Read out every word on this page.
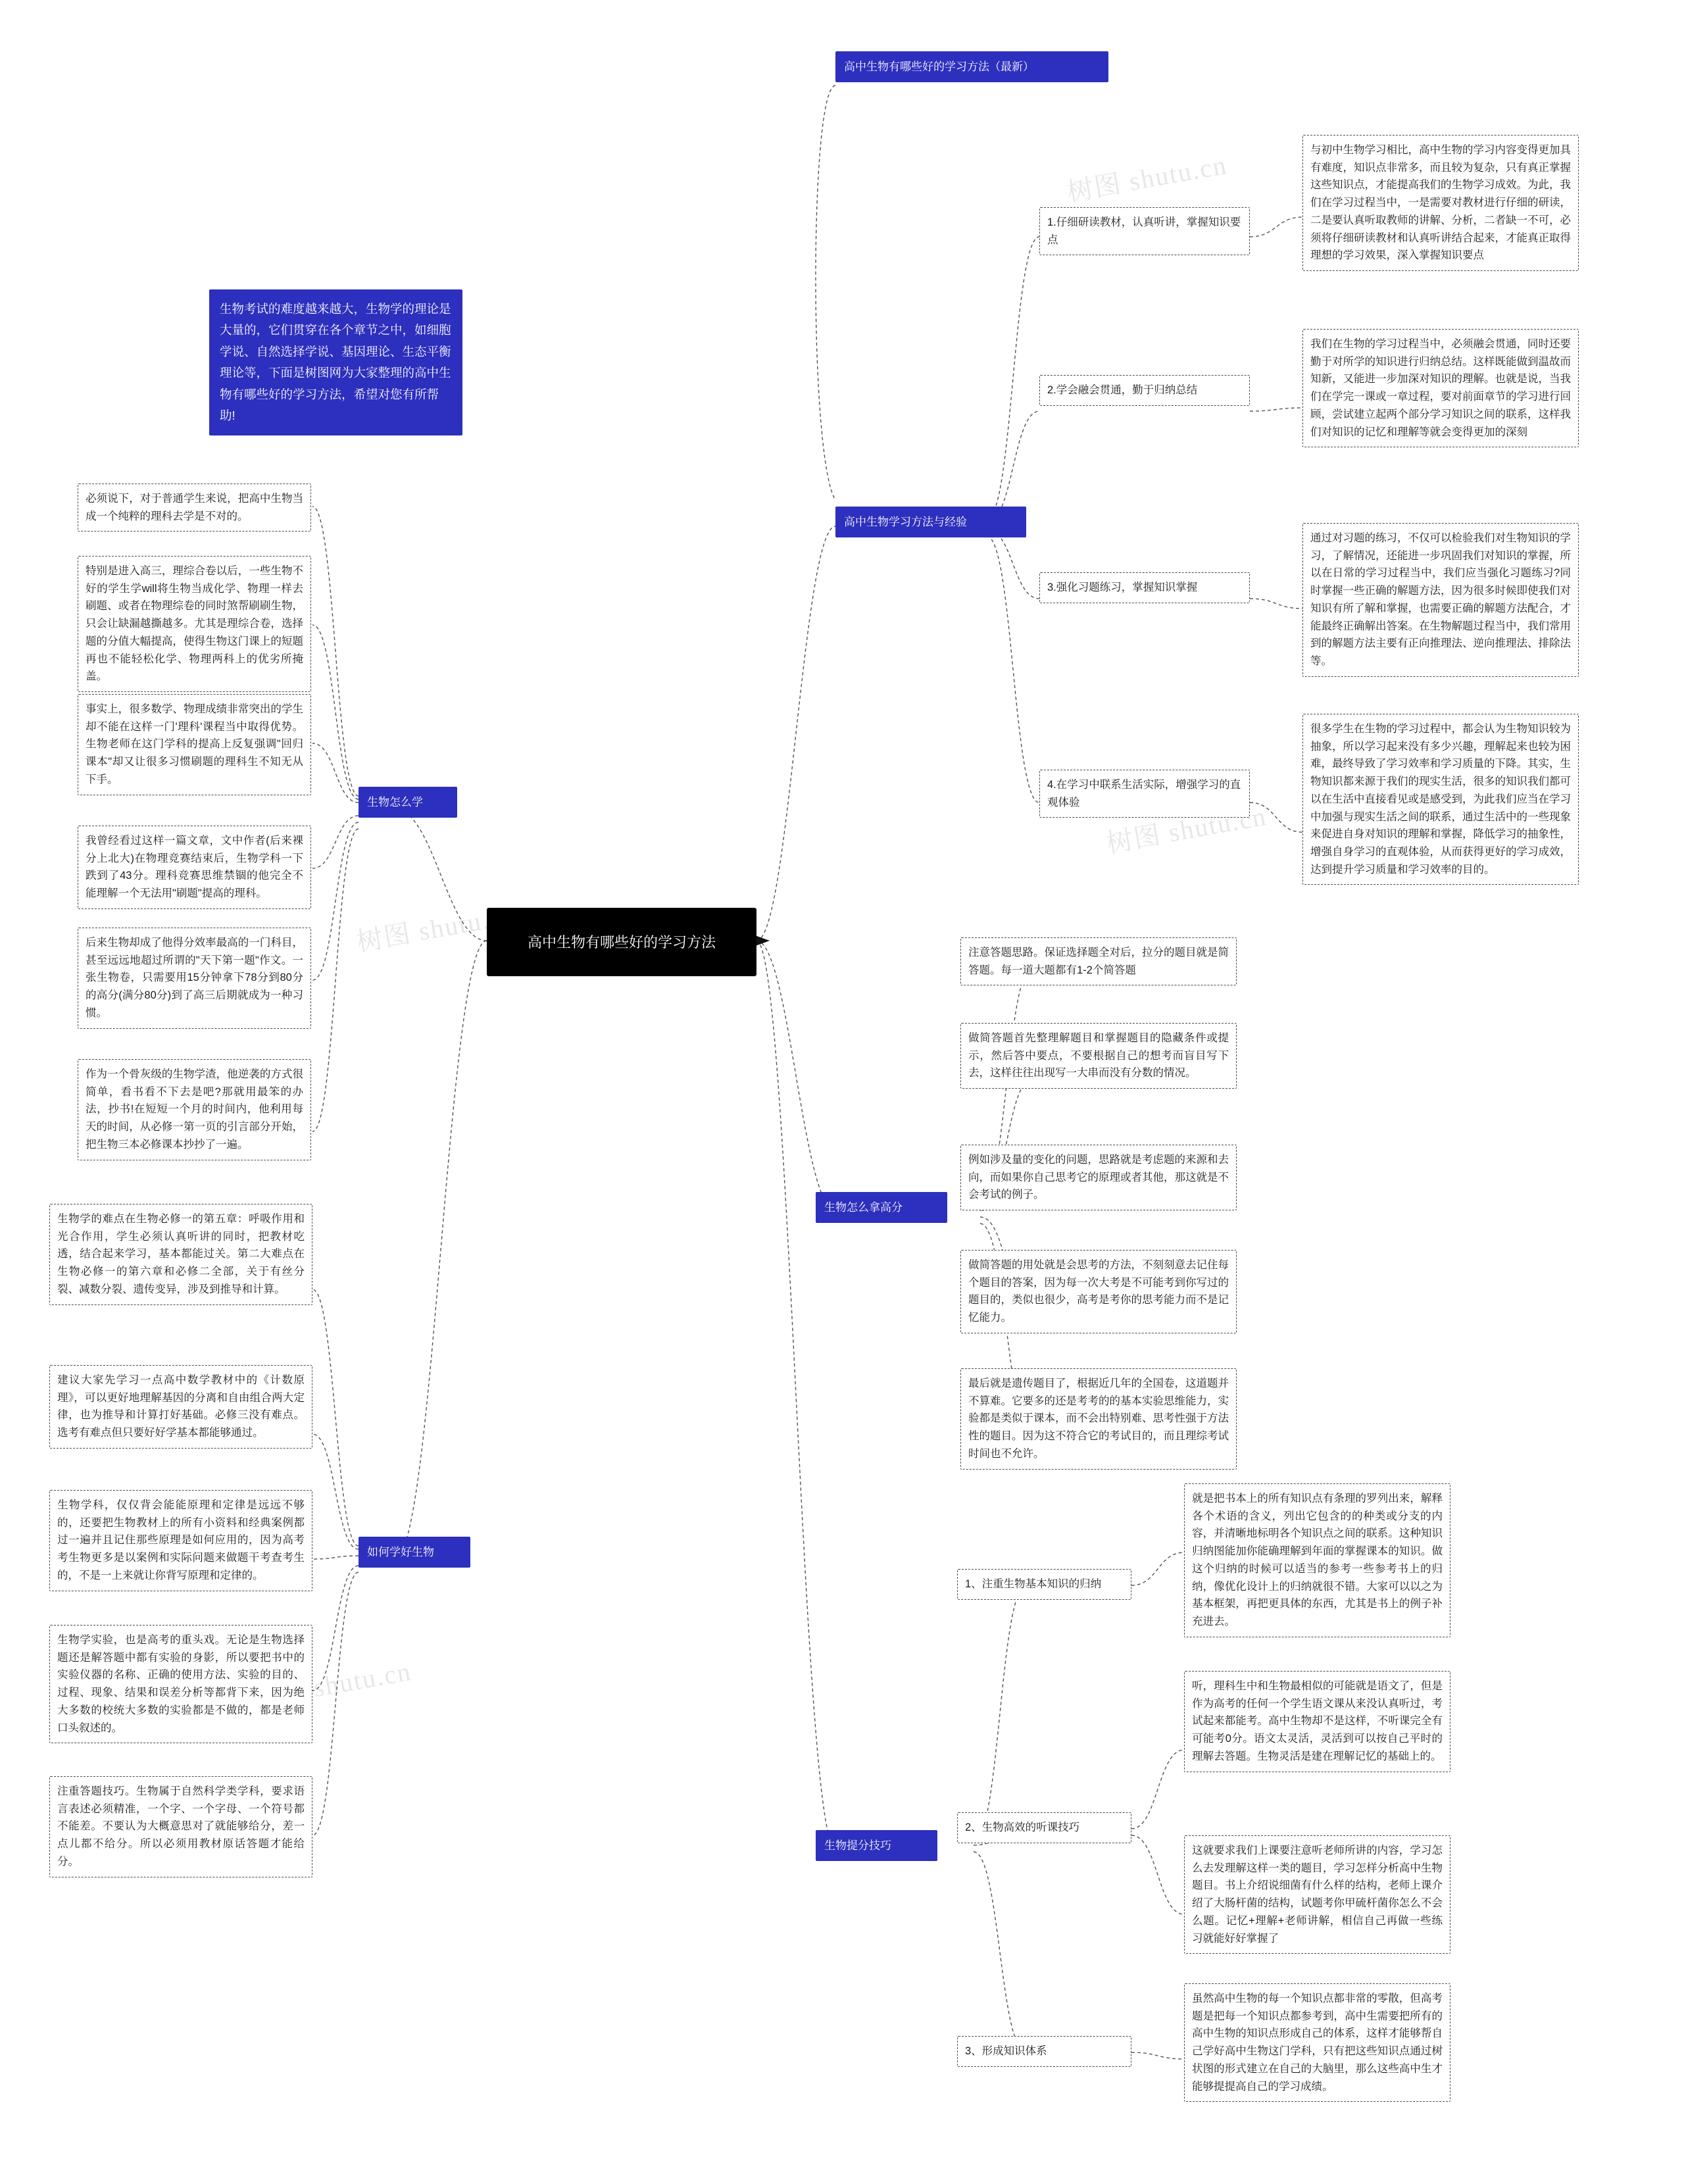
树图 shutu.cn
树图 shutu.cn
树图 shutu.cn
树图 shutu.cn
高中生物有哪些好的学习方法（最新）
生物考试的难度越来越大，生物学的理论是大量的，它们贯穿在各个章节之中，如细胞学说、自然选择学说、基因理论、生态平衡理论等，下面是树图网为大家整理的高中生物有哪些好的学习方法，希望对您有所帮助!
高中生物有哪些好的学习方法
生物怎么学
必须说下，对于普通学生来说，把高中生物当成一个纯粹的理科去学是不对的。
特别是进入高三，理综合卷以后，一些生物不好的学生学will将生物当成化学、物理一样去刷题、或者在物理综卷的同时煞帮刷刷生物，只会让缺漏越撕越多。尤其是理综合卷，选择题的分值大幅提高，使得生物这门课上的短题再也不能轻松化学、物理两科上的优劣所掩盖。
事实上，很多数学、物理成绩非常突出的学生却不能在这样一门'理科'课程当中取得优势。生物老师在这门学科的提高上反复强调"回归课本"却又让很多习惯刷题的理科生不知无从下手。
我曾经看过这样一篇文章，文中作者(后来裸分上北大)在物理竞赛结束后，生物学科一下跌到了43分。理科竞赛思维禁锢的他完全不能理解一个无法用"刷题"提高的理科。
后来生物却成了他得分效率最高的一门科目，甚至远远地超过所谓的"天下第一题"作文。一张生物卷，只需要用15分钟拿下78分到80分的高分(满分80分)到了高三后期就成为一种习惯。
作为一个骨灰级的生物学渣，他逆袭的方式很简单，看书看不下去是吧?那就用最笨的办法，抄书!在短短一个月的时间内，他利用每天的时间，从必修一第一页的引言部分开始，把生物三本必修课本抄抄了一遍。
如何学好生物
生物学的难点在生物必修一的第五章：呼吸作用和光合作用，学生必须认真听讲的同时，把教材吃透，结合起来学习，基本都能过关。第二大难点在生物必修一的第六章和必修二全部，关于有丝分裂、减数分裂、遗传变异，涉及到推导和计算。
建议大家先学习一点高中数学教材中的《计数原理》，可以更好地理解基因的分离和自由组合两大定律，也为推导和计算打好基础。必修三没有难点。选考有难点但只要好好学基本都能够通过。
生物学科，仅仅背会能能原理和定律是远远不够的，还要把生物教材上的所有小资料和经典案例都过一遍并且记住那些原理是如何应用的，因为高考考生物更多是以案例和实际问题来做题干考查考生的，不是一上来就让你背写原理和定律的。
生物学实验，也是高考的重头戏。无论是生物选择题还是解答题中都有实验的身影，所以要把书中的实验仪器的名称、正确的使用方法、实验的目的、过程、现象、结果和误差分析等都背下来，因为绝大多数的校统大多数的实验都是不做的，都是老师口头叙述的。
注重答题技巧。生物属于自然科学类学科，要求语言表述必须精准，一个字、一个字母、一个符号都不能差。不要认为大概意思对了就能够给分，差一点儿都不给分。所以必须用教材原话答题才能给分。
高中生物学习方法与经验
1.仔细研读教材，认真听讲，掌握知识要点
2.学会融会贯通，勤于归纳总结
3.强化习题练习，掌握知识掌握
4.在学习中联系生活实际，增强学习的直观体验
与初中生物学习相比，高中生物的学习内容变得更加具有难度，知识点非常多，而且较为复杂，只有真正掌握这些知识点，才能提高我们的生物学习成效。为此，我们在学习过程当中，一是需要对教材进行仔细的研读，二是要认真听取教师的讲解、分析，二者缺一不可，必须将仔细研读教材和认真听讲结合起来，才能真正取得理想的学习效果，深入掌握知识要点
我们在生物的学习过程当中，必须融会贯通，同时还要勤于对所学的知识进行归纳总结。这样既能做到温故而知新，又能进一步加深对知识的理解。也就是说，当我们在学完一课或一章过程，要对前面章节的学习进行回顾，尝试建立起两个部分学习知识之间的联系，这样我们对知识的记忆和理解等就会变得更加的深刻
通过对习题的练习，不仅可以检验我们对生物知识的学习，了解情况，还能进一步巩固我们对知识的掌握，所以在日常的学习过程当中，我们应当强化习题练习?同时掌握一些正确的解题方法，因为很多时候即使我们对知识有所了解和掌握，也需要正确的解题方法配合，才能最终正确解出答案。在生物解题过程当中，我们常用到的解题方法主要有正向推理法、逆向推理法、排除法等。
很多学生在生物的学习过程中，都会认为生物知识较为抽象，所以学习起来没有多少兴趣，理解起来也较为困难，最终导致了学习效率和学习质量的下降。其实，生物知识都来源于我们的现实生活，很多的知识我们都可以在生活中直接看见或是感受到，为此我们应当在学习中加强与现实生活之间的联系，通过生活中的一些现象来促进自身对知识的理解和掌握，降低学习的抽象性，增强自身学习的直观体验，从而获得更好的学习成效，达到提升学习质量和学习效率的目的。
生物怎么拿高分
注意答题思路。保证选择题全对后，拉分的题目就是简答题。每一道大题都有1-2个简答题
做简答题首先整理解题目和掌握题目的隐藏条件或提示，然后答中要点，不要根据自己的想考而盲目写下去，这样往往出现写一大串而没有分数的情况。
例如涉及量的变化的问题，思路就是考虑题的来源和去向，而如果你自己思考它的原理或者其他，那这就是不会考试的例子。
做简答题的用处就是会思考的方法，不刻刻意去记住每个题目的答案，因为每一次大考是不可能考到你写过的题目的，类似也很少，高考是考你的思考能力而不是记忆能力。
最后就是遗传题目了，根据近几年的全国卷，这道题并不算难。它要多的还是考考的的基本实验思维能力，实验都是类似于课本，而不会出特别难、思考性强于方法性的题目。因为这不符合它的考试目的，而且理综考试时间也不允许。
生物提分技巧
1、注重生物基本知识的归纳
2、生物高效的听课技巧
3、形成知识体系
就是把书本上的所有知识点有条理的罗列出来，解释各个术语的含义，列出它包含的的种类或分支的内容，并清晰地标明各个知识点之间的联系。这种知识归纳图能加你能确理解到年面的掌握课本的知识。做这个归纳的时候可以适当的参考一些参考书上的归纳，像优化设计上的归纳就很不错。大家可以以之为基本框架，再把更具体的东西，尤其是书上的例子补充进去。
听，理科生中和生物最相似的可能就是语文了，但是作为高考的任何一个学生语文课从来没认真听过，考试起来都能考。高中生物却不是这样，不听课完全有可能考0分。语文太灵活，灵活到可以按自己平时的理解去答题。生物灵活是建在理解记忆的基础上的。
这就要求我们上课要注意听老师所讲的内容，学习怎么去发理解这样一类的题目，学习怎样分析高中生物题目。书上介绍说细菌有什么样的结构，老师上课介绍了大肠杆菌的结构，试题考你甲硫杆菌你怎么不会么题。记忆+理解+老师讲解，相信自己再做一些练习就能好好掌握了
虽然高中生物的每一个知识点都非常的零散，但高考题是把每一个知识点都参考到，高中生需要把所有的高中生物的知识点形成自己的体系，这样才能够帮自己学好高中生物这门学科，只有把这些知识点通过树状图的形式建立在自己的大脑里，那么这些高中生才能够提提高自己的学习成绩。
